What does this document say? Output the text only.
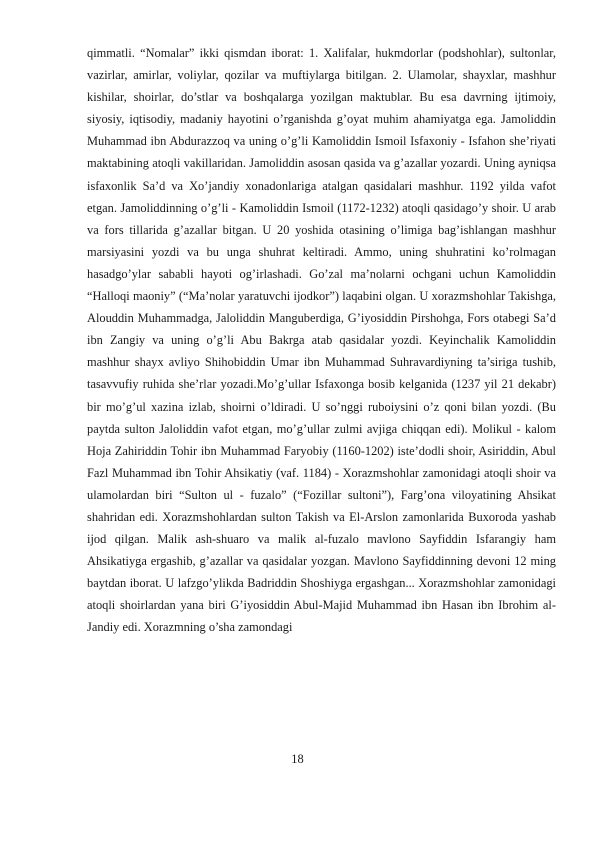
qimmatli. “Nomalar” ikki qismdan iborat: 1. Xalifalar, hukmdorlar (podshohlar), sultonlar, vazirlar, amirlar, voliylar, qozilar va muftiylarga bitilgan. 2. Ulamolar, shayxlar, mashhur kishilar, shoirlar, do’stlar va boshqalarga yozilgan maktublar. Bu esa davrning ijtimoiy, siyosiy, iqtisodiy, madaniy hayotini o’rganishda g’oyat muhim ahamiyatga ega. Jamoliddin Muhammad ibn Abdurazzoq va uning o’g’li Kamoliddin Ismoil Isfaxoniy - Isfahon she’riyati maktabining atoqli vakillaridan. Jamoliddin asosan qasida va g’azallar yozardi. Uning ayniqsa isfaxonlik Sa’d va Xo’jandiy xonadonlariga atalgan qasidalari mashhur. 1192 yilda vafot etgan. Jamoliddinning o’g’li - Kamoliddin Ismoil (1172-1232) atoqli qasidago’y shoir. U arab va fors tillarida g’azallar bitgan. U 20 yoshida otasining o’limiga bag’ishlangan mashhur marsiyasini yozdi va bu unga shuhrat keltiradi. Ammo, uning shuhratini ko’rolmagan hasadgo’ylar sababli hayoti og’irlashadi. Go’zal ma’nolarni ochgani uchun Kamoliddin “Halloqi maoniy” (“Ma’nolar yaratuvchi ijodkor”) laqabini olgan. U xorazmshohlar Takishga, Alouddin Muhammadga, Jaloliddin Manguberdiga, G’iyosiddin Pirshohga, Fors otabegi Sa’d ibn Zangiy va uning o’g’li Abu Bakrga atab qasidalar yozdi. Keyinchalik Kamoliddin mashhur shayx avliyo Shihobiddin Umar ibn Muhammad Suhravardiyning ta’siriga tushib, tasavvufiy ruhida she’rlar yozadi.Mo’g’ullar Isfaxonga bosib kelganida (1237 yil 21 dekabr) bir mo’g’ul xazina izlab, shoirni o’ldiradi. U so’nggi ruboiysini o’z qoni bilan yozdi. (Bu paytda sulton Jaloliddin vafot etgan, mo’g’ullar zulmi avjiga chiqqan edi). Molikul - kalom Hoja Zahiriddin Tohir ibn Muhammad Faryobiy (1160-1202) iste’dodli shoir, Asiriddin, Abul Fazl Muhammad ibn Tohir Ahsikatiy (vaf. 1184) - Xorazmshohlar zamonidagi atoqli shoir va ulamolardan biri “Sulton ul - fuzalo” (“Fozillar sultoni”), Farg’ona viloyatining Ahsikat shahridan edi. Xorazmshohlardan sulton Takish va El-Arslon zamonlarida Buxoroda yashab ijod qilgan. Malik ash-shuaro va malik al-fuzalo mavlono Sayfiddin Isfarangiy ham Ahsikatiyga ergashib, g’azallar va qasidalar yozgan. Mavlono Sayfiddinning devoni 12 ming baytdan iborat. U lafzgo’ylikda Badriddin Shoshiyga ergashgan... Xorazmshohlar zamonidagi atoqli shoirlardan yana biri G’iyosiddin Abul-Majid Muhammad ibn Hasan ibn Ibrohim al-Jandiy edi. Xorazmning o’sha zamondagi

18
